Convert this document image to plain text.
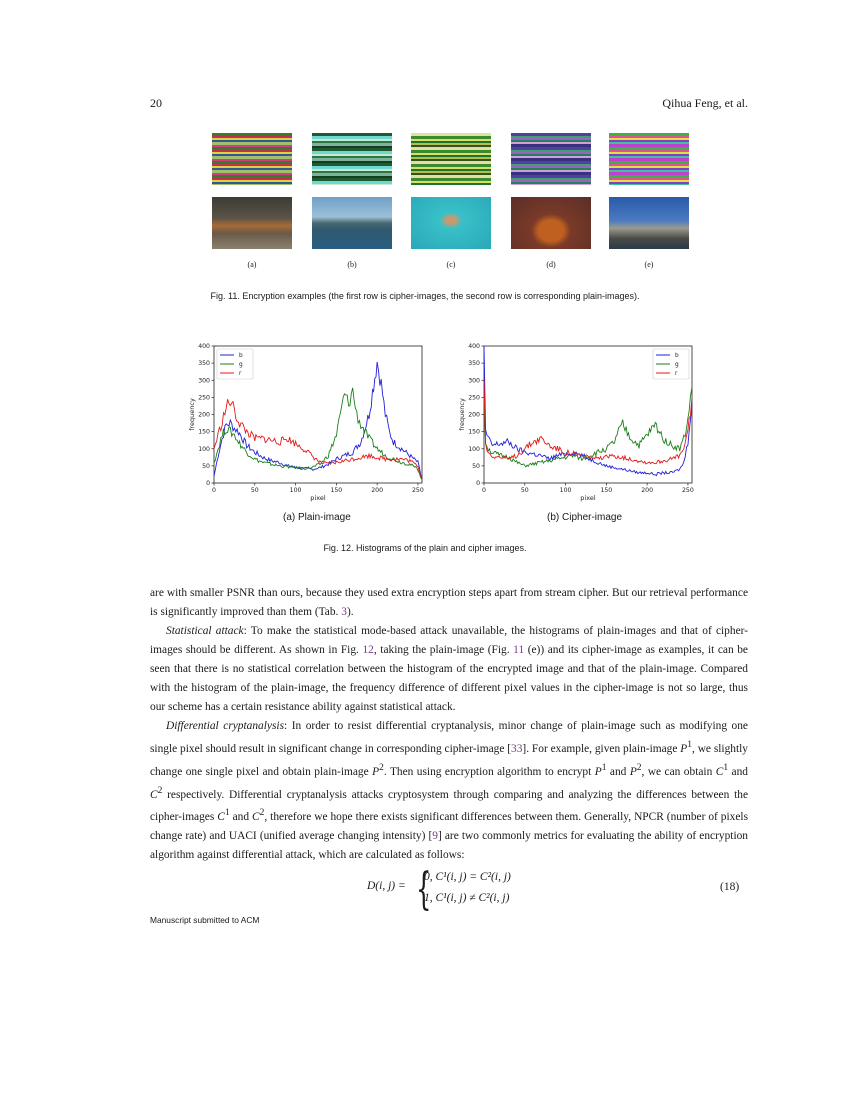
20	Qihua Feng, et al.
(a)	(b)	(c)	(d)	(e)
Fig. 11. Encryption examples (the first row is cipher-images, the second row is corresponding plain-images).
0
50
100
150
200
250
300
350
400
0	50	100	150	200	250
pixel
frequency
b
g
r
0
50
100
150
200
250
300
350
400
0	50	100	150	200	250
pixel
frequency
b
g
r
(a) Plain-image	(b) Cipher-image
Fig. 12. Histograms of the plain and cipher images.
are with smaller PSNR than ours, because they used extra encryption steps apart from stream cipher. But our retrieval performance is significantly improved than them (Tab. 3).
Statistical attack: To make the statistical mode-based attack unavailable, the histograms of plain-images and that of cipher-images should be different. As shown in Fig. 12, taking the plain-image (Fig. 11 (e)) and its cipher-image as examples, it can be seen that there is no statistical correlation between the histogram of the encrypted image and that of the plain-image. Compared with the histogram of the plain-image, the frequency difference of different pixel values in the cipher-image is not so large, thus our scheme has a certain resistance ability against statistical attack.
Differential cryptanalysis: In order to resist differential cryptanalysis, minor change of plain-image such as modifying one single pixel should result in significant change in corresponding cipher-image [33]. For example, given plain-image $P^1$, we slightly change one single pixel and obtain plain-image $P^2$. Then using encryption algorithm to encrypt $P^1$ and $P^2$, we can obtain $C^1$ and $C^2$ respectively. Differential cryptanalysis attacks cryptosystem through comparing and analyzing the differences between the cipher-images $C^1$ and $C^2$, therefore we hope there exists significant differences between them. Generally, NPCR (number of pixels change rate) and UACI (unified average changing intensity) [9] are two commonly metrics for evaluating the ability of encryption algorithm against differential attack, which are calculated as follows:
D(i, j) = {
0, C¹(i, j) = C²(i, j)
1, C¹(i, j) ≠ C²(i, j)
(18)
Manuscript submitted to ACM
